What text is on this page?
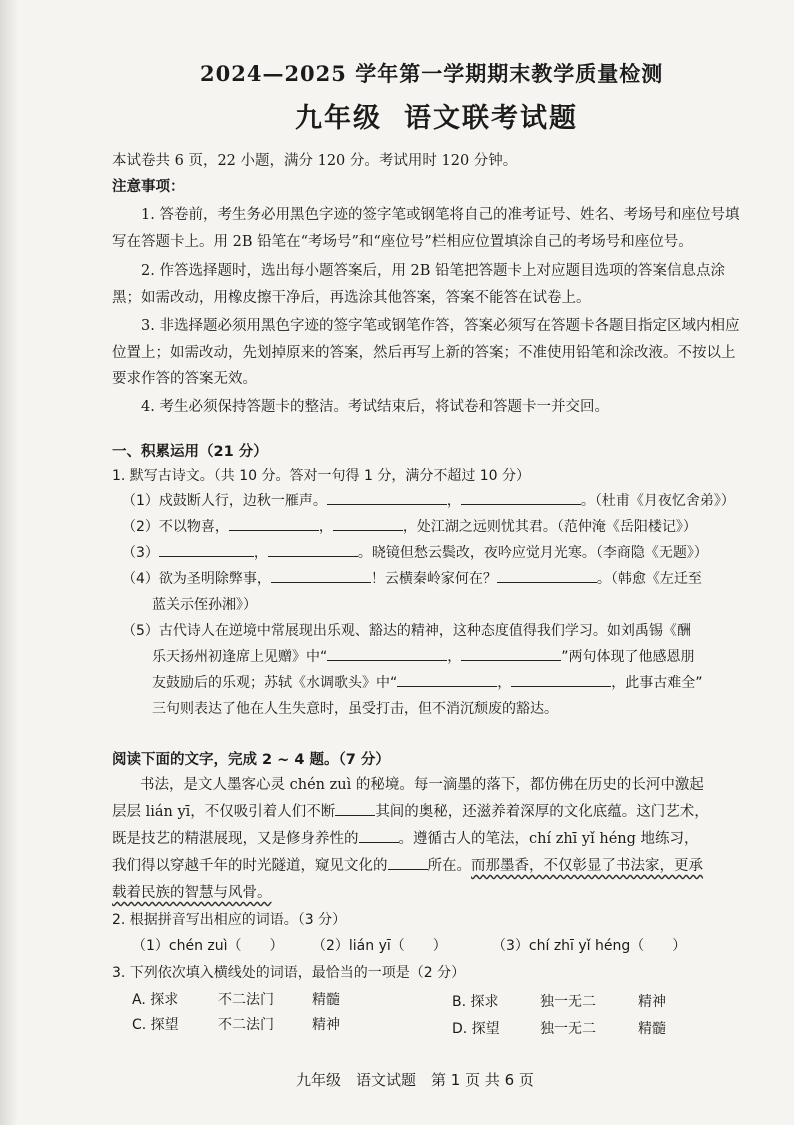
2024—2025 学年第一学期期末教学质量检测
九年级 语文联考试题
本试卷共 6 页，22 小题，满分 120 分。考试用时 120 分钟。
注意事项：
1. 答卷前，考生务必用黑色字迹的签字笔或钢笔将自己的准考证号、姓名、考场号和座位号填写在答题卡上。用 2B 铅笔在“考场号”和“座位号”栏相应位置填涂自己的考场号和座位号。
2. 作答选择题时，选出每小题答案后，用 2B 铅笔把答题卡上对应题目选项的答案信息点涂黑；如需改动，用橡皮擦干净后，再选涂其他答案，答案不能答在试卷上。
3. 非选择题必须用黑色字迹的签字笔或钢笔作答，答案必须写在答题卡各题目指定区域内相应位置上；如需改动，先划掉原来的答案，然后再写上新的答案；不准使用铅笔和涂改液。不按以上要求作答的答案无效。
4. 考生必须保持答题卡的整洁。考试结束后，将试卷和答题卡一并交回。
一、积累运用（21 分）
1. 默写古诗文。（共 10 分。答对一句得 1 分，满分不超过 10 分）
（1）戍鼓断人行，边秋一雁声。	，	。（杜甫《月夜忆舍弟》）
（2）不以物喜，	，	，处江湖之远则忧其君。（范仲淹《岳阳楼记》）
（3）	，	。晓镜但愁云鬓改，夜吟应觉月光寒。（李商隐《无题》）
（4）欲为圣明除弊事，	！云横秦岭家何在？	。（韩愈《左迁至
蓝关示侄孙湘》）
（5）古代诗人在逆境中常展现出乐观、豁达的精神，这种态度值得我们学习。如刘禹锡《酬
乐天扬州初逢席上见赠》中“	，	”两句体现了他感恩朋
友鼓励后的乐观；苏轼《水调歌头》中“	，	，此事古难全”
三句则表达了他在人生失意时，虽受打击，但不消沉颓废的豁达。
阅读下面的文字，完成 2 ~ 4 题。（7 分）
书法，是文人墨客心灵 chén zuì 的秘境。每一滴墨的落下，都仿佛在历史的长河中激起
层层 lián yī，不仅吸引着人们不断	其间的奥秘，还滋养着深厚的文化底蕴。这门艺术，
既是技艺的精湛展现，又是修身养性的	。遵循古人的笔法，chí zhī yǐ héng 地练习，
我们得以穿越千年的时光隧道，窥见文化的	所在。而那墨香，不仅彰显了书法家，更承
载着民族的智慧与风骨。
2. 根据拼音写出相应的词语。（3 分）
（1）chén zuì（　　） （2）lián yī（　　）	（3）chí zhī yǐ héng（　　）
3. 下列依次填入横线处的词语，最恰当的一项是（2 分）
A. 探求	不二法门	精髓	B. 探求	独一无二	精神
C. 探望	不二法门	精神	D. 探望	独一无二	精髓
九年级　语文试题　第 1 页 共 6 页
